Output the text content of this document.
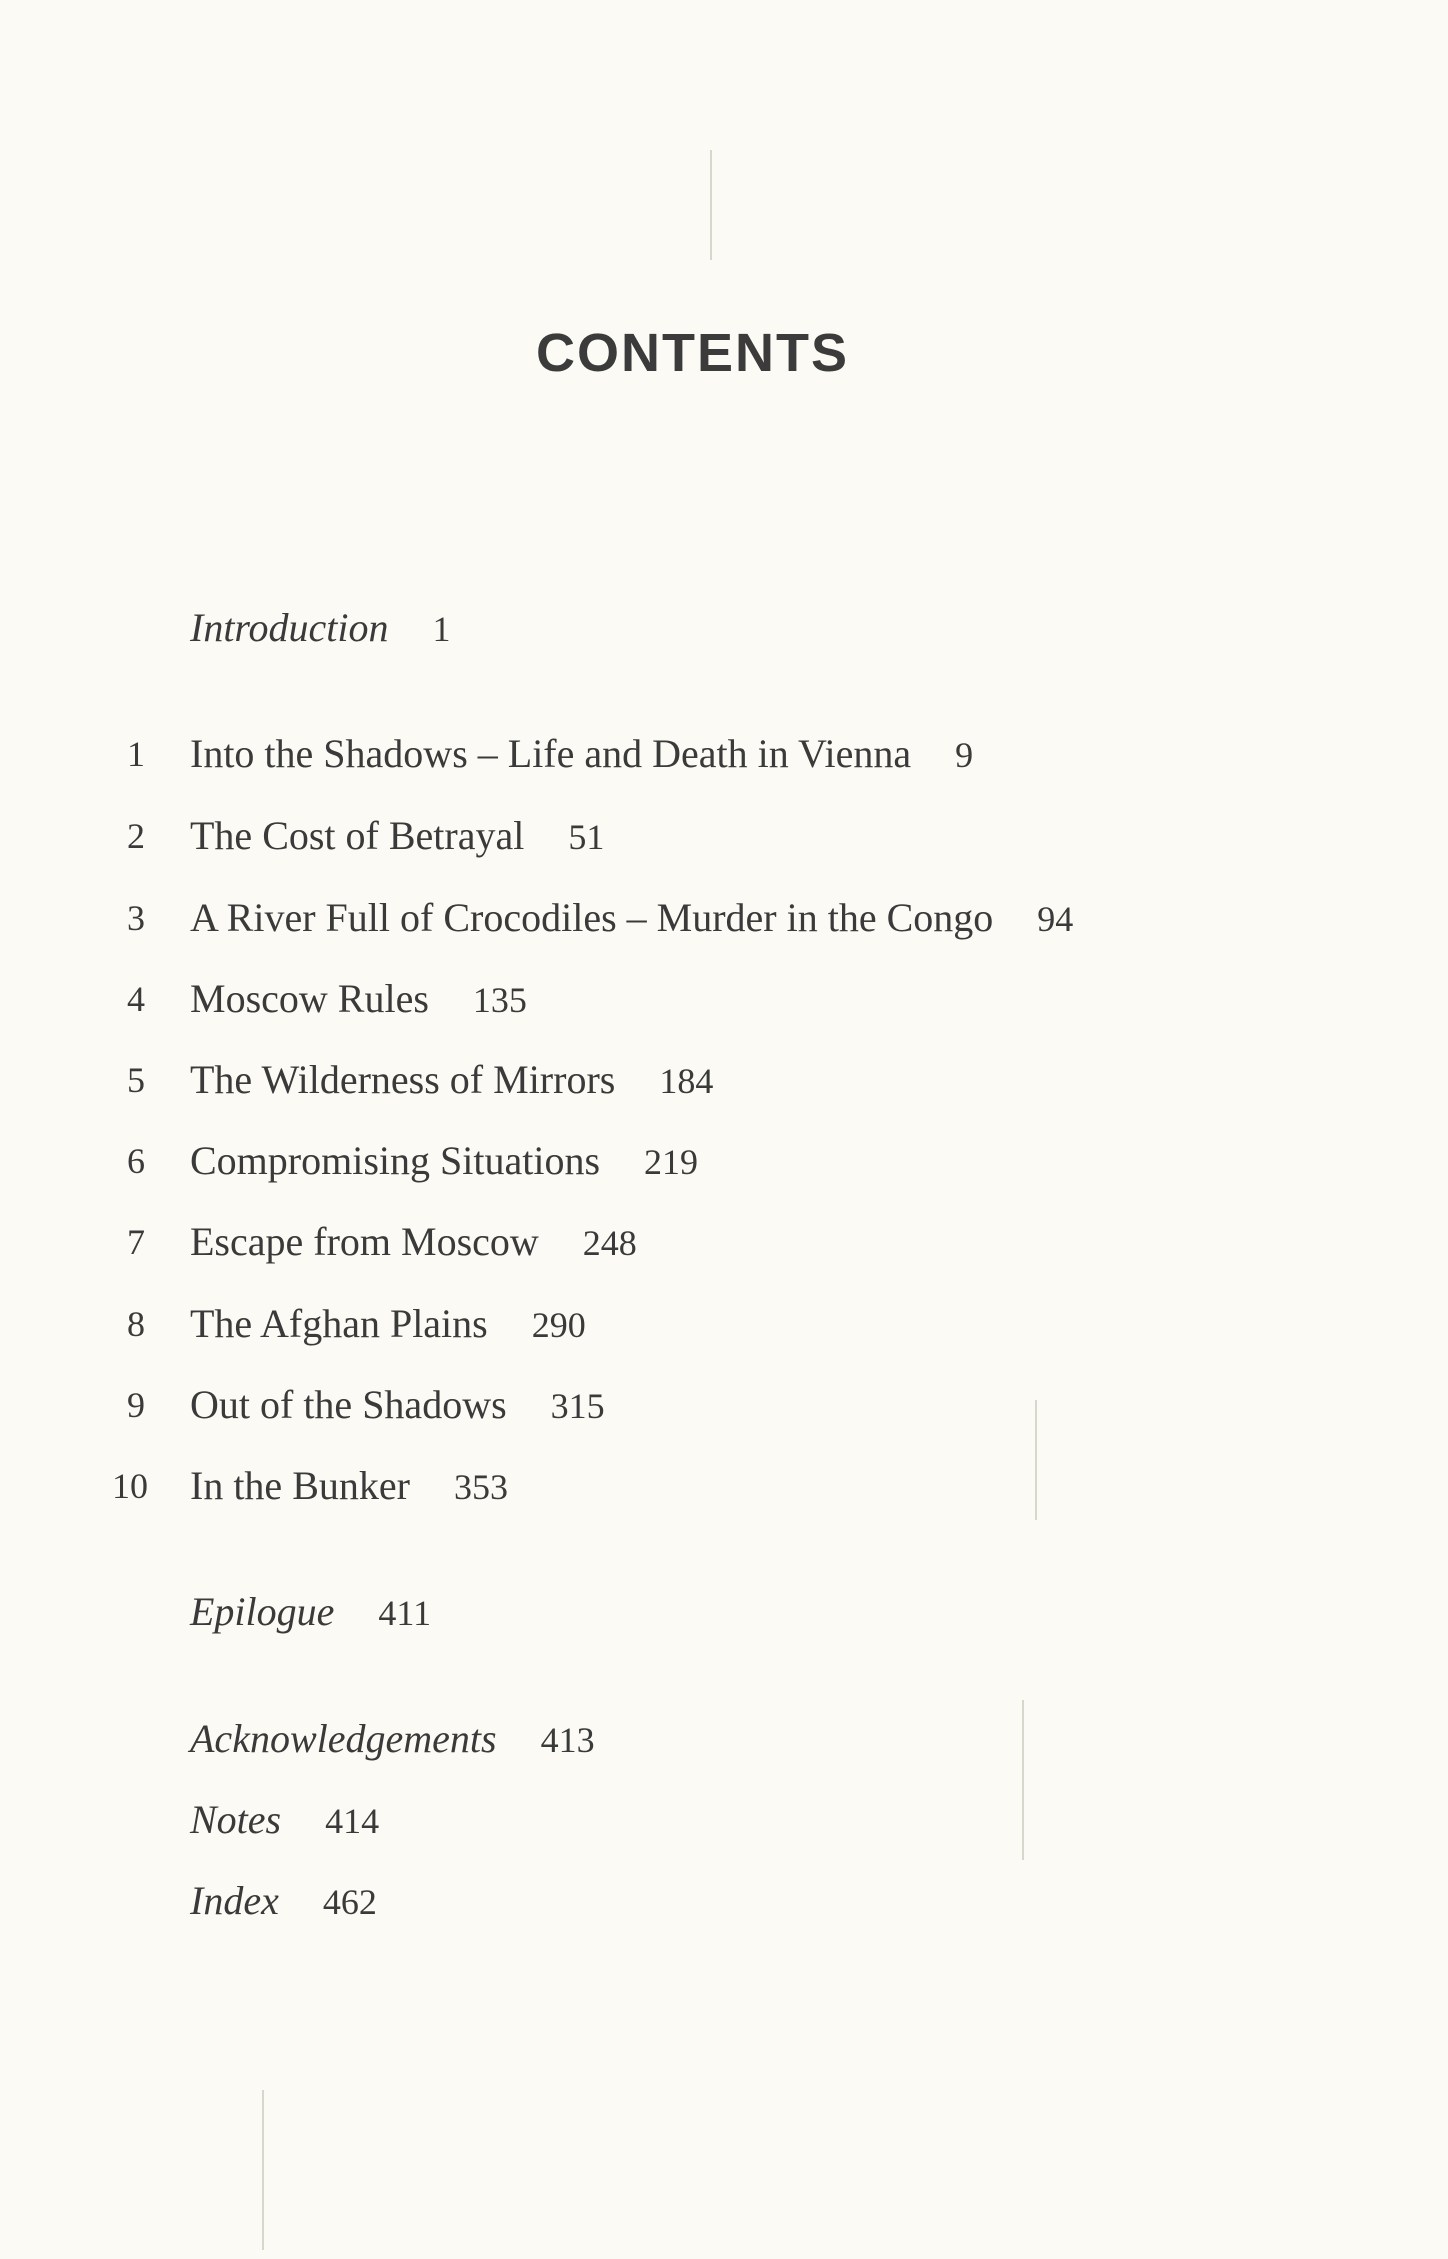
CONTENTS
Introduction 1
1	Into the Shadows – Life and Death in Vienna 9
2	The Cost of Betrayal 51
3	A River Full of Crocodiles – Murder in the Congo 94
4	Moscow Rules 135
5	The Wilderness of Mirrors 184
6	Compromising Situations 219
7	Escape from Moscow 248
8	The Afghan Plains 290
9	Out of the Shadows 315
10 In the Bunker 353
Epilogue 411
Acknowledgements 413
Notes 414
Index 462
